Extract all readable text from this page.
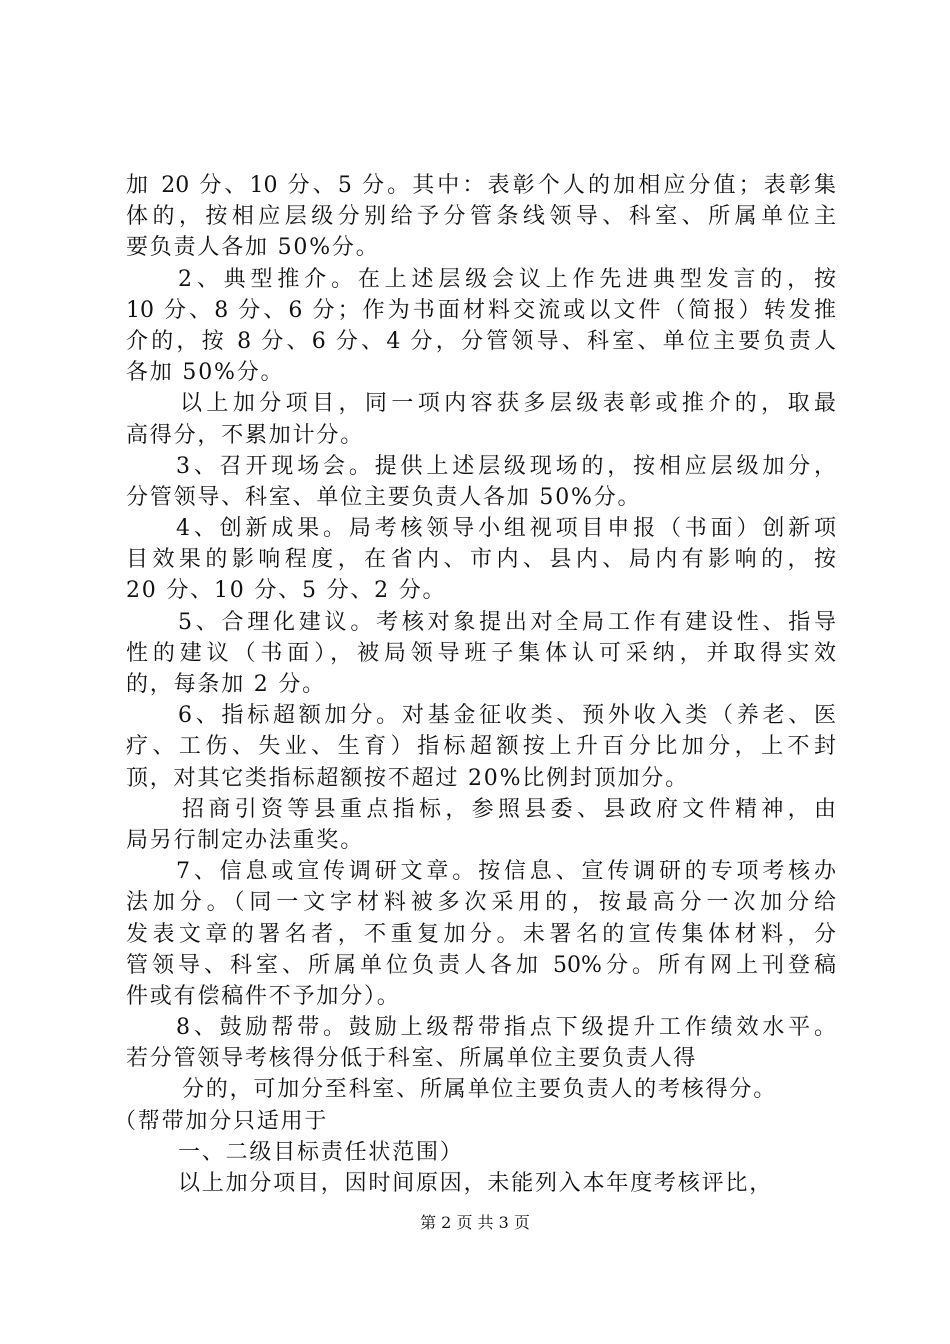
加 20 分、10 分、5 分。其中：表彰个人的加相应分值；表彰集
体的，按相应层级分别给予分管条线领导、科室、所属单位主
要负责人各加 50%分。
2、典型推介。在上述层级会议上作先进典型发言的，按
10 分、8 分、6 分；作为书面材料交流或以文件（简报）转发推
介的，按 8 分、6 分、4 分，分管领导、科室、单位主要负责人
各加 50%分。
以上加分项目，同一项内容获多层级表彰或推介的，取最
高得分，不累加计分。
3、召开现场会。提供上述层级现场的，按相应层级加分，
分管领导、科室、单位主要负责人各加 50%分。
4、创新成果。局考核领导小组视项目申报（书面）创新项
目效果的影响程度，在省内、市内、县内、局内有影响的，按
20 分、10 分、5 分、2 分。
5、合理化建议。考核对象提出对全局工作有建设性、指导
性的建议（书面），被局领导班子集体认可采纳，并取得实效
的，每条加 2 分。
6、指标超额加分。对基金征收类、预外收入类（养老、医
疗、工伤、失业、生育）指标超额按上升百分比加分，上不封
顶，对其它类指标超额按不超过 20%比例封顶加分。
招商引资等县重点指标，参照县委、县政府文件精神，由
局另行制定办法重奖。
7、信息或宣传调研文章。按信息、宣传调研的专项考核办
法加分。（同一文字材料被多次采用的，按最高分一次加分给
发表文章的署名者，不重复加分。未署名的宣传集体材料，分
管领导、科室、所属单位负责人各加 50%分。所有网上刊登稿
件或有偿稿件不予加分）。
8、鼓励帮带。鼓励上级帮带指点下级提升工作绩效水平。
若分管领导考核得分低于科室、所属单位主要负责人得
分的，可加分至科室、所属单位主要负责人的考核得分。
（帮带加分只适用于
一、二级目标责任状范围）
以上加分项目，因时间原因，未能列入本年度考核评比，
第 2 页 共 3 页
